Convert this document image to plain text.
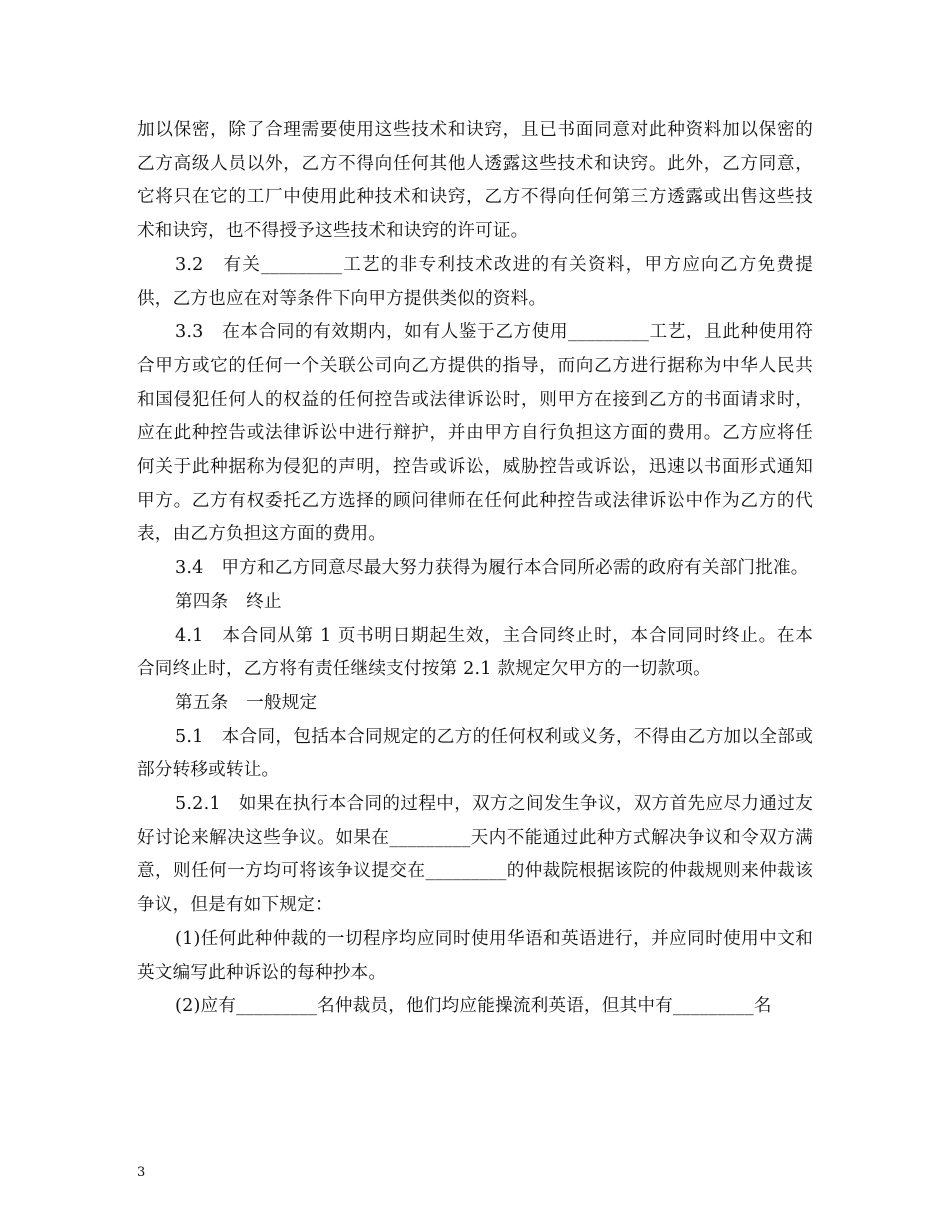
加以保密，除了合理需要使用这些技术和诀窍，且已书面同意对此种资料加以保密的乙方高级人员以外，乙方不得向任何其他人透露这些技术和诀窍。此外，乙方同意，它将只在它的工厂中使用此种技术和诀窍，乙方不得向任何第三方透露或出售这些技术和诀窍，也不得授予这些技术和诀窍的许可证。

3.2　有关_________工艺的非专利技术改进的有关资料，甲方应向乙方免费提供，乙方也应在对等条件下向甲方提供类似的资料。

3.3　在本合同的有效期内，如有人鉴于乙方使用_________工艺，且此种使用符合甲方或它的任何一个关联公司向乙方提供的指导，而向乙方进行据称为中华人民共和国侵犯任何人的权益的任何控告或法律诉讼时，则甲方在接到乙方的书面请求时，应在此种控告或法律诉讼中进行辩护，并由甲方自行负担这方面的费用。乙方应将任何关于此种据称为侵犯的声明，控告或诉讼，威胁控告或诉讼，迅速以书面形式通知甲方。乙方有权委托乙方选择的顾问律师在任何此种控告或法律诉讼中作为乙方的代表，由乙方负担这方面的费用。

3.4　甲方和乙方同意尽最大努力获得为履行本合同所必需的政府有关部门批准。

第四条　终止

4.1　本合同从第 1 页书明日期起生效，主合同终止时，本合同同时终止。在本合同终止时，乙方将有责任继续支付按第 2.1 款规定欠甲方的一切款项。

第五条　一般规定

5.1　本合同，包括本合同规定的乙方的任何权利或义务，不得由乙方加以全部或部分转移或转让。

5.2.1　如果在执行本合同的过程中，双方之间发生争议，双方首先应尽力通过友好讨论来解决这些争议。如果在_________天内不能通过此种方式解决争议和令双方满意，则任何一方均可将该争议提交在_________的仲裁院根据该院的仲裁规则来仲裁该争议，但是有如下规定：

(1)任何此种仲裁的一切程序均应同时使用华语和英语进行，并应同时使用中文和英文编写此种诉讼的每种抄本。

(2)应有_________名仲裁员，他们均应能操流利英语，但其中有_________名

3
